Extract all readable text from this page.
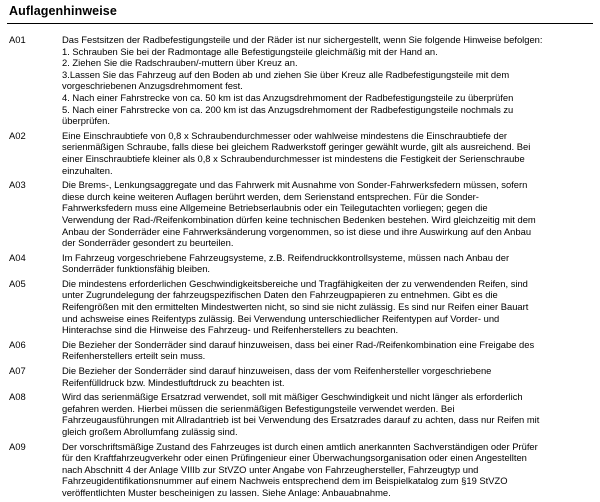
Auflagenhinweise
A01	Das Festsitzen der Radbefestigungsteile und der Räder ist nur sichergestellt, wenn Sie folgende Hinweise befolgen:
1. Schrauben Sie bei der Radmontage alle Befestigungsteile gleichmäßig mit der Hand an.
2. Ziehen Sie die Radschrauben/-muttern über Kreuz an.
3.Lassen Sie das Fahrzeug auf den Boden ab und ziehen Sie über Kreuz alle Radbefestigungsteile mit dem
vorgeschriebenen Anzugsdrehmoment fest.
4. Nach einer Fahrstrecke von ca. 50 km ist das Anzugsdrehmoment der Radbefestigungsteile zu überprüfen
5. Nach einer Fahrstrecke von ca. 200 km ist das Anzugsdrehmoment der Radbefestigungsteile nochmals zu
überprüfen.
A02	Eine Einschraubtiefe von 0,8 x Schraubendurchmesser oder wahlweise mindestens die Einschraubtiefe der
serienmäßigen Schraube, falls diese bei gleichem Radwerkstoff geringer gewählt wurde, gilt als ausreichend. Bei
einer Einschraubtiefe kleiner als 0,8 x Schraubendurchmesser ist mindestens die Festigkeit der Serienschraube
einzuhalten.
A03	Die Brems-, Lenkungsaggregate und das Fahrwerk mit Ausnahme von Sonder-Fahrwerksfedern müssen, sofern
diese durch keine weiteren Auflagen berührt werden, dem Serienstand entsprechen. Für die Sonder-
Fahrwerksfedern muss eine Allgemeine Betriebserlaubnis oder ein Teilegutachten vorliegen; gegen die
Verwendung der Rad-/Reifenkombination dürfen keine technischen Bedenken bestehen. Wird gleichzeitig mit dem
Anbau der Sonderräder eine Fahrwerksänderung vorgenommen, so ist diese und ihre Auswirkung auf den Anbau
der Sonderräder gesondert zu beurteilen.
A04	Im Fahrzeug vorgeschriebene Fahrzeugsysteme, z.B. Reifendruckkontrollsysteme, müssen nach Anbau der
Sonderräder funktionsfähig bleiben.
A05	Die mindestens erforderlichen Geschwindigkeitsbereiche und Tragfähigkeiten der zu verwendenden Reifen, sind
unter Zugrundelegung der fahrzeugspezifischen Daten den Fahrzeugpapieren zu entnehmen. Gibt es die
Reifengrößen mit den ermittelten Mindestwerten nicht, so sind sie nicht zulässig. Es sind nur Reifen einer Bauart
und achsweise eines Reifentyps zulässig. Bei Verwendung unterschiedlicher Reifentypen auf Vorder- und
Hinterachse sind die Hinweise des Fahrzeug- und Reifenherstellers zu beachten.
A06	Die Bezieher der Sonderräder sind darauf hinzuweisen, dass bei einer Rad-/Reifenkombination eine Freigabe des
Reifenherstellers erteilt sein muss.
A07	Die Bezieher der Sonderräder sind darauf hinzuweisen, dass der vom Reifenhersteller vorgeschriebene
Reifenfülldruck bzw. Mindestluftdruck zu beachten ist.
A08	Wird das serienmäßige Ersatzrad verwendet, soll mit mäßiger Geschwindigkeit und nicht länger als erforderlich
gefahren werden. Hierbei müssen die serienmäßigen Befestigungsteile verwendet werden. Bei
Fahrzeugausführungen mit Allradantrieb ist bei Verwendung des Ersatzrades darauf zu achten, dass nur Reifen mit
gleich großem Abrollumfang zulässig sind.
A09	Der vorschriftsmäßige Zustand des Fahrzeuges ist durch einen amtlich anerkannten Sachverständigen oder Prüfer
für den Kraftfahrzeugverkehr oder einen Prüfingenieur einer Überwachungsorganisation oder einen Angestellten
nach Abschnitt 4 der Anlage VIIIb zur StVZO unter Angabe von Fahrzeughersteller, Fahrzeugtyp und
Fahrzeugidentifikationsnummer auf einem Nachweis entsprechend dem im Beispielkatalog zum §19 StVZO
veröffentlichten Muster bescheinigen zu lassen. Siehe Anlage: Anbauabnahme.
